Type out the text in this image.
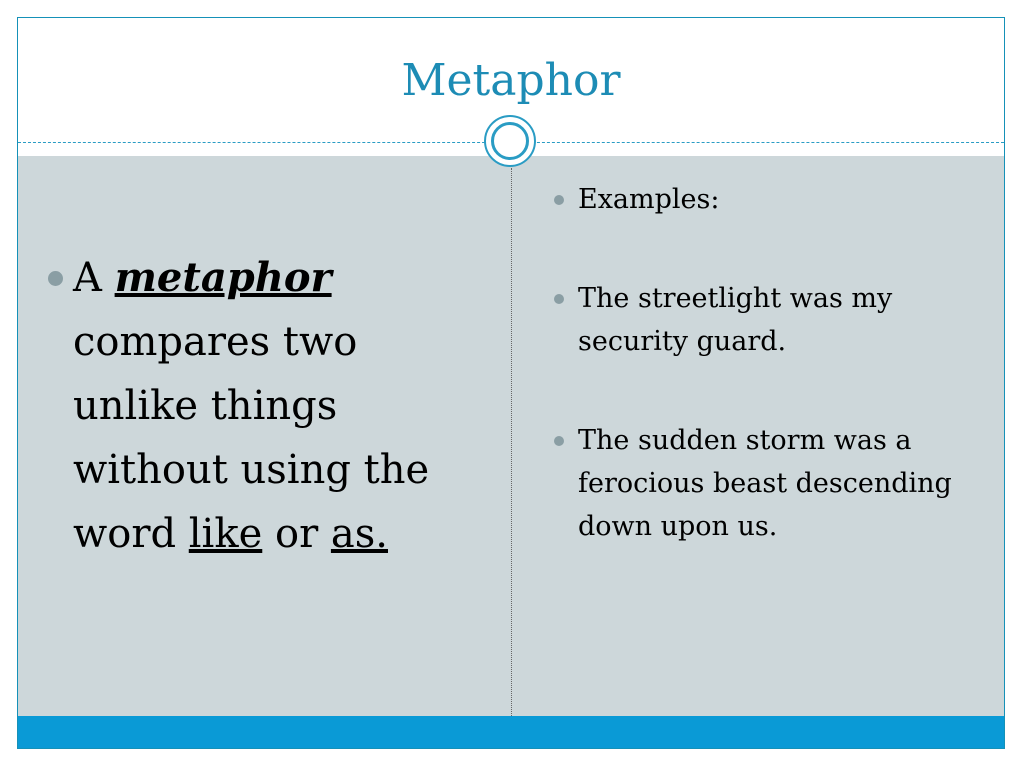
Metaphor
A metaphor compares two unlike things without using the word like or as.
Examples:
The streetlight was my security guard.
The sudden storm was a ferocious beast descending down upon us.
